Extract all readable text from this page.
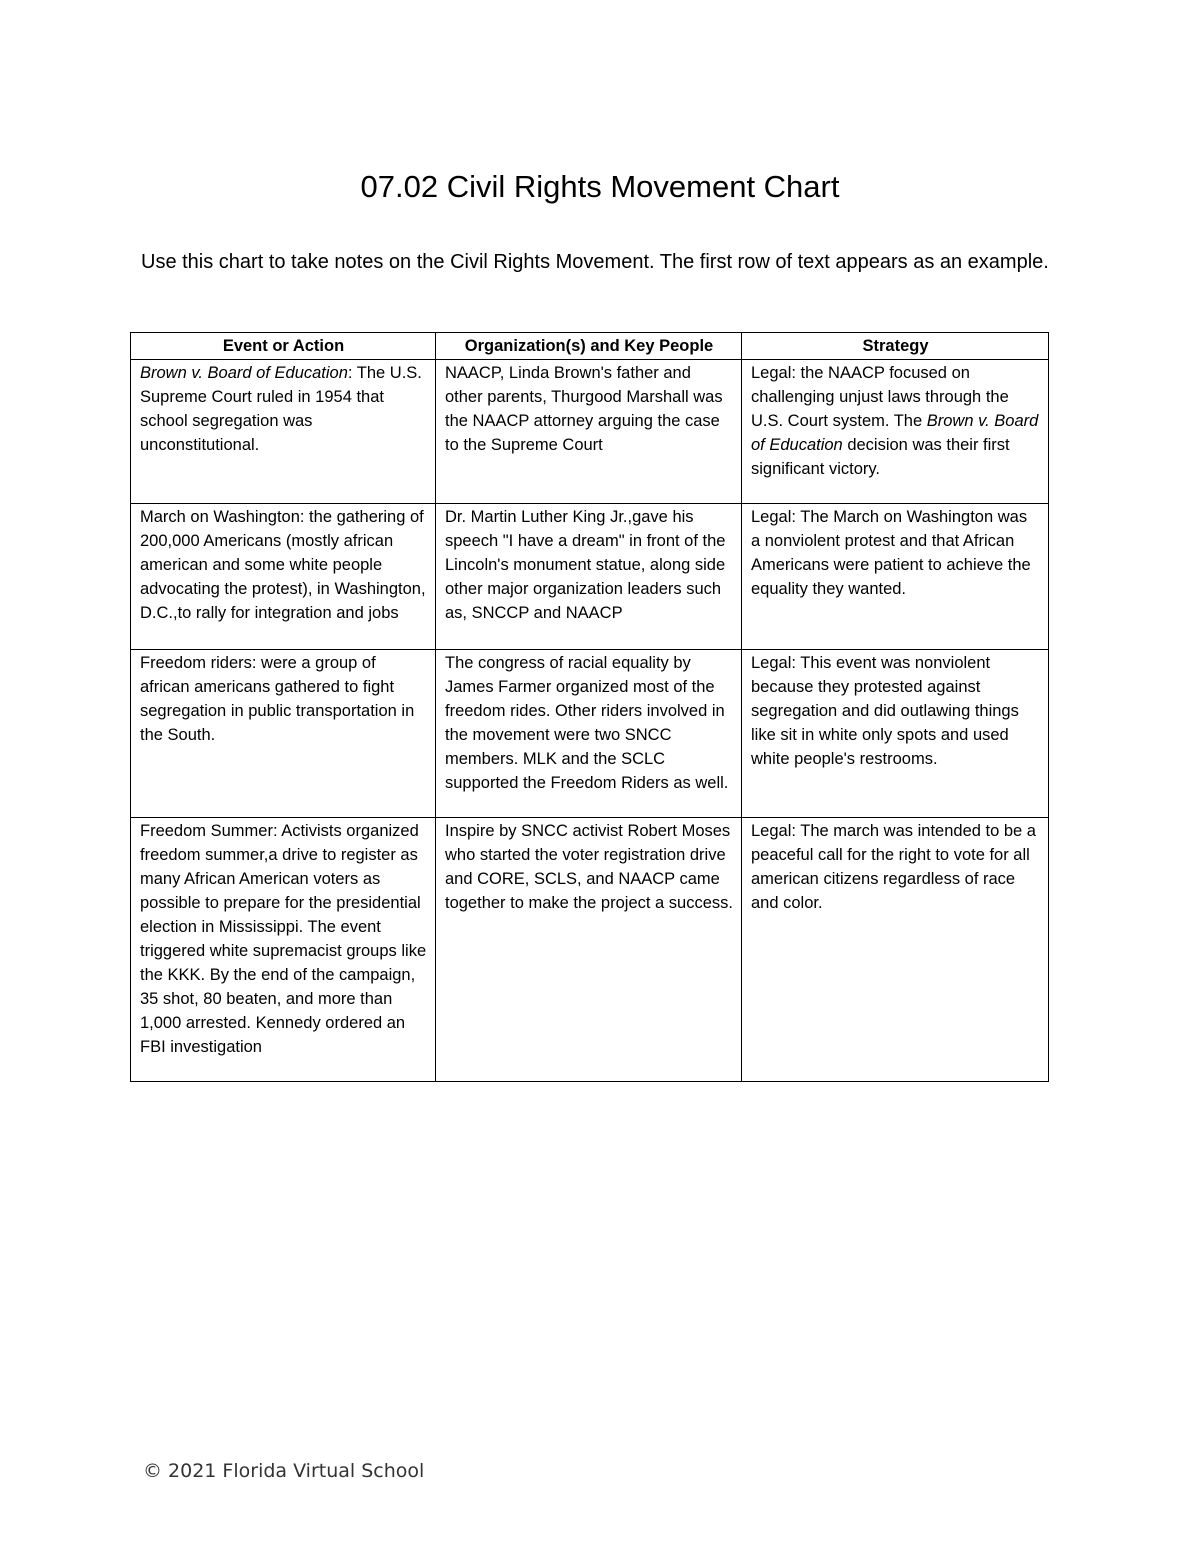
07.02 Civil Rights Movement Chart

Use this chart to take notes on the Civil Rights Movement. The first row of text appears as an example.

Event or Action	Organization(s) and Key People	Strategy
Brown v. Board of Education: The U.S. Supreme Court ruled in 1954 that school segregation was unconstitutional.	NAACP, Linda Brown's father and other parents, Thurgood Marshall was the NAACP attorney arguing the case to the Supreme Court	Legal: the NAACP focused on challenging unjust laws through the U.S. Court system. The Brown v. Board of Education decision was their first significant victory.
March on Washington: the gathering of 200,000 Americans (mostly african american and some white people advocating the protest), in Washington, D.C.,to rally for integration and jobs	Dr. Martin Luther King Jr.,gave his speech "I have a dream" in front of the Lincoln's monument statue, along side other major organization leaders such as, SNCCP and NAACP	Legal: The March on Washington was a nonviolent protest and that African Americans were patient to achieve the equality they wanted.
Freedom riders: were a group of african americans gathered to fight segregation in public transportation in the South.	The congress of racial equality by James Farmer organized most of the freedom rides. Other riders involved in the movement were two SNCC members. MLK and the SCLC supported the Freedom Riders as well.	Legal: This event was nonviolent because they protested against segregation and did outlawing things like sit in white only spots and used white people's restrooms.
Freedom Summer: Activists organized freedom summer,a drive to register as many African American voters as possible to prepare for the presidential election in Mississippi. The event triggered white supremacist groups like the KKK. By the end of the campaign, 35 shot, 80 beaten, and more than 1,000 arrested. Kennedy ordered an FBI investigation	Inspire by SNCC activist Robert Moses who started the voter registration drive and CORE, SCLS, and NAACP came together to make the project a success.	Legal: The march was intended to be a peaceful call for the right to vote for all american citizens regardless of race and color.

© 2021 Florida Virtual School
